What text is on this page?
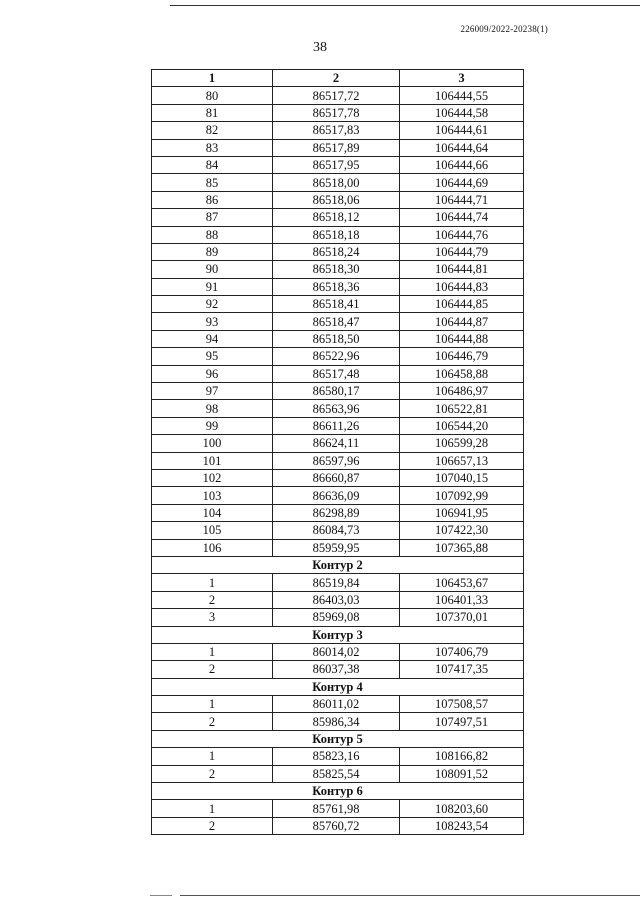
226009/2022-20238(1)
38
1	2	3
80	86517,72	106444,55
81	86517,78	106444,58
82	86517,83	106444,61
83	86517,89	106444,64
84	86517,95	106444,66
85	86518,00	106444,69
86	86518,06	106444,71
87	86518,12	106444,74
88	86518,18	106444,76
89	86518,24	106444,79
90	86518,30	106444,81
91	86518,36	106444,83
92	86518,41	106444,85
93	86518,47	106444,87
94	86518,50	106444,88
95	86522,96	106446,79
96	86517,48	106458,88
97	86580,17	106486,97
98	86563,96	106522,81
99	86611,26	106544,20
100	86624,11	106599,28
101	86597,96	106657,13
102	86660,87	107040,15
103	86636,09	107092,99
104	86298,89	106941,95
105	86084,73	107422,30
106	85959,95	107365,88
Контур 2		
1	86519,84	106453,67
2	86403,03	106401,33
3	85969,08	107370,01
Контур 3		
1	86014,02	107406,79
2	86037,38	107417,35
Контур 4		
1	86011,02	107508,57
2	85986,34	107497,51
Контур 5		
1	85823,16	108166,82
2	85825,54	108091,52
Контур 6		
1	85761,98	108203,60
2	85760,72	108243,54
